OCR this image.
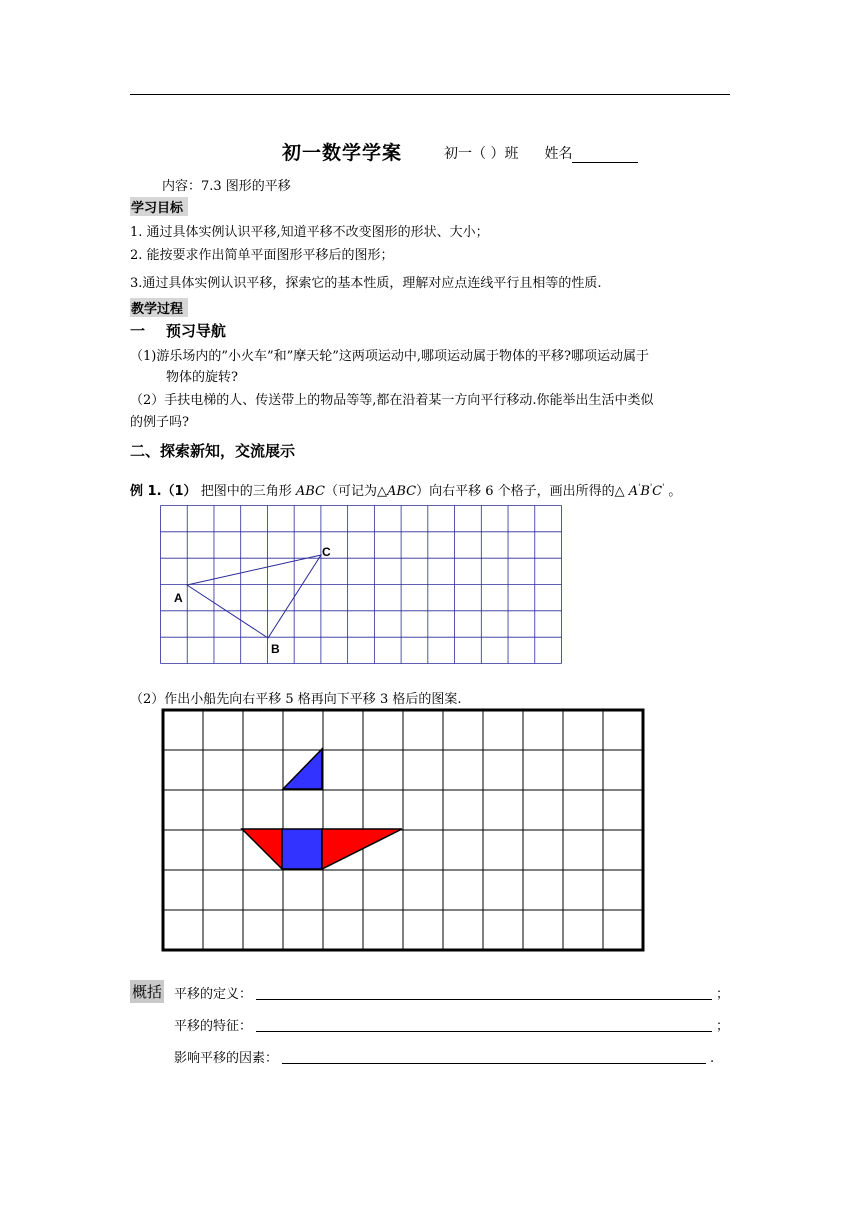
初一数学学案	初一（ ）班 姓名
内容：7.3 图形的平移
学习目标
1. 通过具体实例认识平移,知道平移不改变图形的形状、大小；
2. 能按要求作出简单平面图形平移后的图形；
3.通过具体实例认识平移，探索它的基本性质，理解对应点连线平行且相等的性质.
教学过程
一    预习导航
（1)游乐场内的”小火车”和”摩天轮”这两项运动中,哪项运动属于物体的平移?哪项运动属于
物体的旋转?
（2）手扶电梯的人、传送带上的物品等等,都在沿着某一方向平行移动.你能举出生活中类似
的例子吗?
二、探索新知，交流展示
例 1.（1） 把图中的三角形 ABC（可记为△ABC）向右平移 6 个格子，画出所得的△ A'B'C' 。
A
B
C
（2）作出小船先向右平移 5 格再向下平移 3 格后的图案.
概括 平移的定义：	；
平移的特征：	；
影响平移的因素：	.
